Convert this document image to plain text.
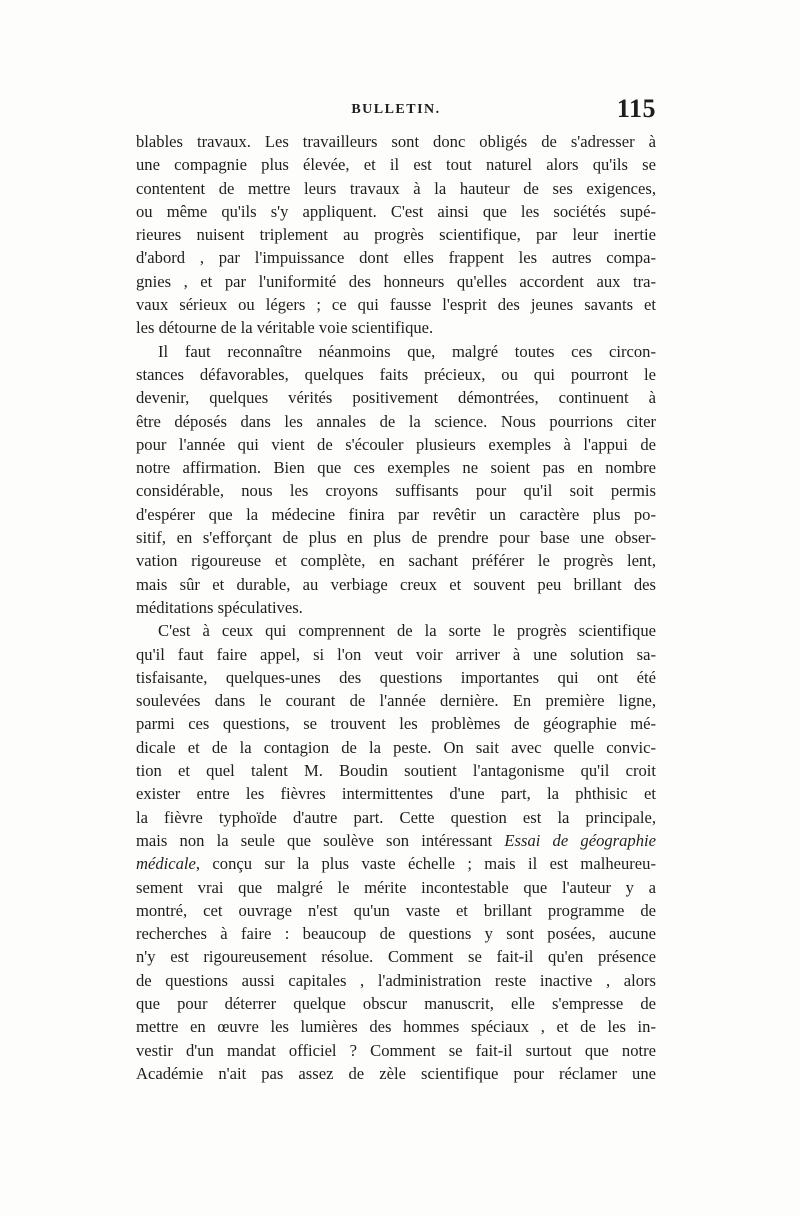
BULLETIN.	115
blables travaux. Les travailleurs sont donc obligés de s'adresser à
une compagnie plus élevée, et il est tout naturel alors qu'ils se
contentent de mettre leurs travaux à la hauteur de ses exigences,
ou même qu'ils s'y appliquent. C'est ainsi que les sociétés supé-
rieures nuisent triplement au progrès scientifique, par leur inertie
d'abord , par l'impuissance dont elles frappent les autres compa-
gnies , et par l'uniformité des honneurs qu'elles accordent aux tra-
vaux sérieux ou légers ; ce qui fausse l'esprit des jeunes savants et
les détourne de la véritable voie scientifique.
Il faut reconnaître néanmoins que, malgré toutes ces circon-
stances défavorables, quelques faits précieux, ou qui pourront le
devenir, quelques vérités positivement démontrées, continuent à
être déposés dans les annales de la science. Nous pourrions citer
pour l'année qui vient de s'écouler plusieurs exemples à l'appui de
notre affirmation. Bien que ces exemples ne soient pas en nombre
considérable, nous les croyons suffisants pour qu'il soit permis
d'espérer que la médecine finira par revêtir un caractère plus po-
sitif, en s'efforçant de plus en plus de prendre pour base une obser-
vation rigoureuse et complète, en sachant préférer le progrès lent,
mais sûr et durable, au verbiage creux et souvent peu brillant des
méditations spéculatives.
C'est à ceux qui comprennent de la sorte le progrès scientifique
qu'il faut faire appel, si l'on veut voir arriver à une solution sa-
tisfaisante, quelques-unes des questions importantes qui ont été
soulevées dans le courant de l'année dernière. En première ligne,
parmi ces questions, se trouvent les problèmes de géographie mé-
dicale et de la contagion de la peste. On sait avec quelle convic-
tion et quel talent M. Boudin soutient l'antagonisme qu'il croit
exister entre les fièvres intermittentes d'une part, la phthisic et
la fièvre typhoïde d'autre part. Cette question est la principale,
mais non la seule que soulève son intéressant Essai de géographie
médicale, conçu sur la plus vaste échelle ; mais il est malheureu-
sement vrai que malgré le mérite incontestable que l'auteur y a
montré, cet ouvrage n'est qu'un vaste et brillant programme de
recherches à faire : beaucoup de questions y sont posées, aucune
n'y est rigoureusement résolue. Comment se fait-il qu'en présence
de questions aussi capitales , l'administration reste inactive , alors
que pour déterrer quelque obscur manuscrit, elle s'empresse de
mettre en œuvre les lumières des hommes spéciaux , et de les in-
vestir d'un mandat officiel ? Comment se fait-il surtout que notre
Académie n'ait pas assez de zèle scientifique pour réclamer une
